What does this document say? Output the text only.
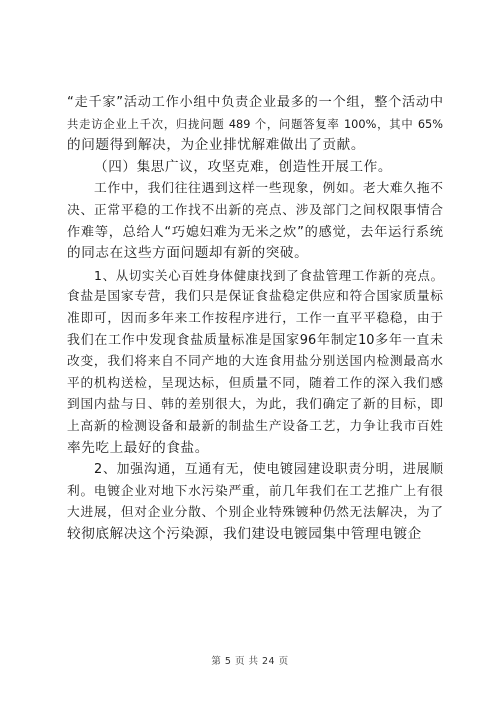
“走千家”活动工作小组中负责企业最多的一个组，整个活动中
共走访企业上千次，归拢问题 489 个，问题答复率 100%，其中 65%
的问题得到解决，为企业排忧解难做出了贡献。
（四）集思广议，攻坚克难，创造性开展工作。
工作中，我们往往遇到这样一些现象，例如。老大难久拖不
决、正常平稳的工作找不出新的亮点、涉及部门之间权限事情合
作难等，总给人“巧媳妇难为无米之炊”的感觉，去年运行系统
的同志在这些方面问题却有新的突破。
1、从切实关心百姓身体健康找到了食盐管理工作新的亮点。
食盐是国家专营，我们只是保证食盐稳定供应和符合国家质量标
准即可，因而多年来工作按程序进行，工作一直平平稳稳，由于
我们在工作中发现食盐质量标准是国家96年制定10多年一直未
改变，我们将来自不同产地的大连食用盐分别送国内检测最高水
平的机构送检，呈现达标，但质量不同，随着工作的深入我们感
到国内盐与日、韩的差别很大，为此，我们确定了新的目标，即
上高新的检测设备和最新的制盐生产设备工艺，力争让我市百姓
率先吃上最好的食盐。
2、加强沟通，互通有无，使电镀园建设职责分明，进展顺
利。电镀企业对地下水污染严重，前几年我们在工艺推广上有很
大进展，但对企业分散、个别企业特殊镀种仍然无法解决，为了
较彻底解决这个污染源，我们建设电镀园集中管理电镀企
第 5 页 共 24 页
